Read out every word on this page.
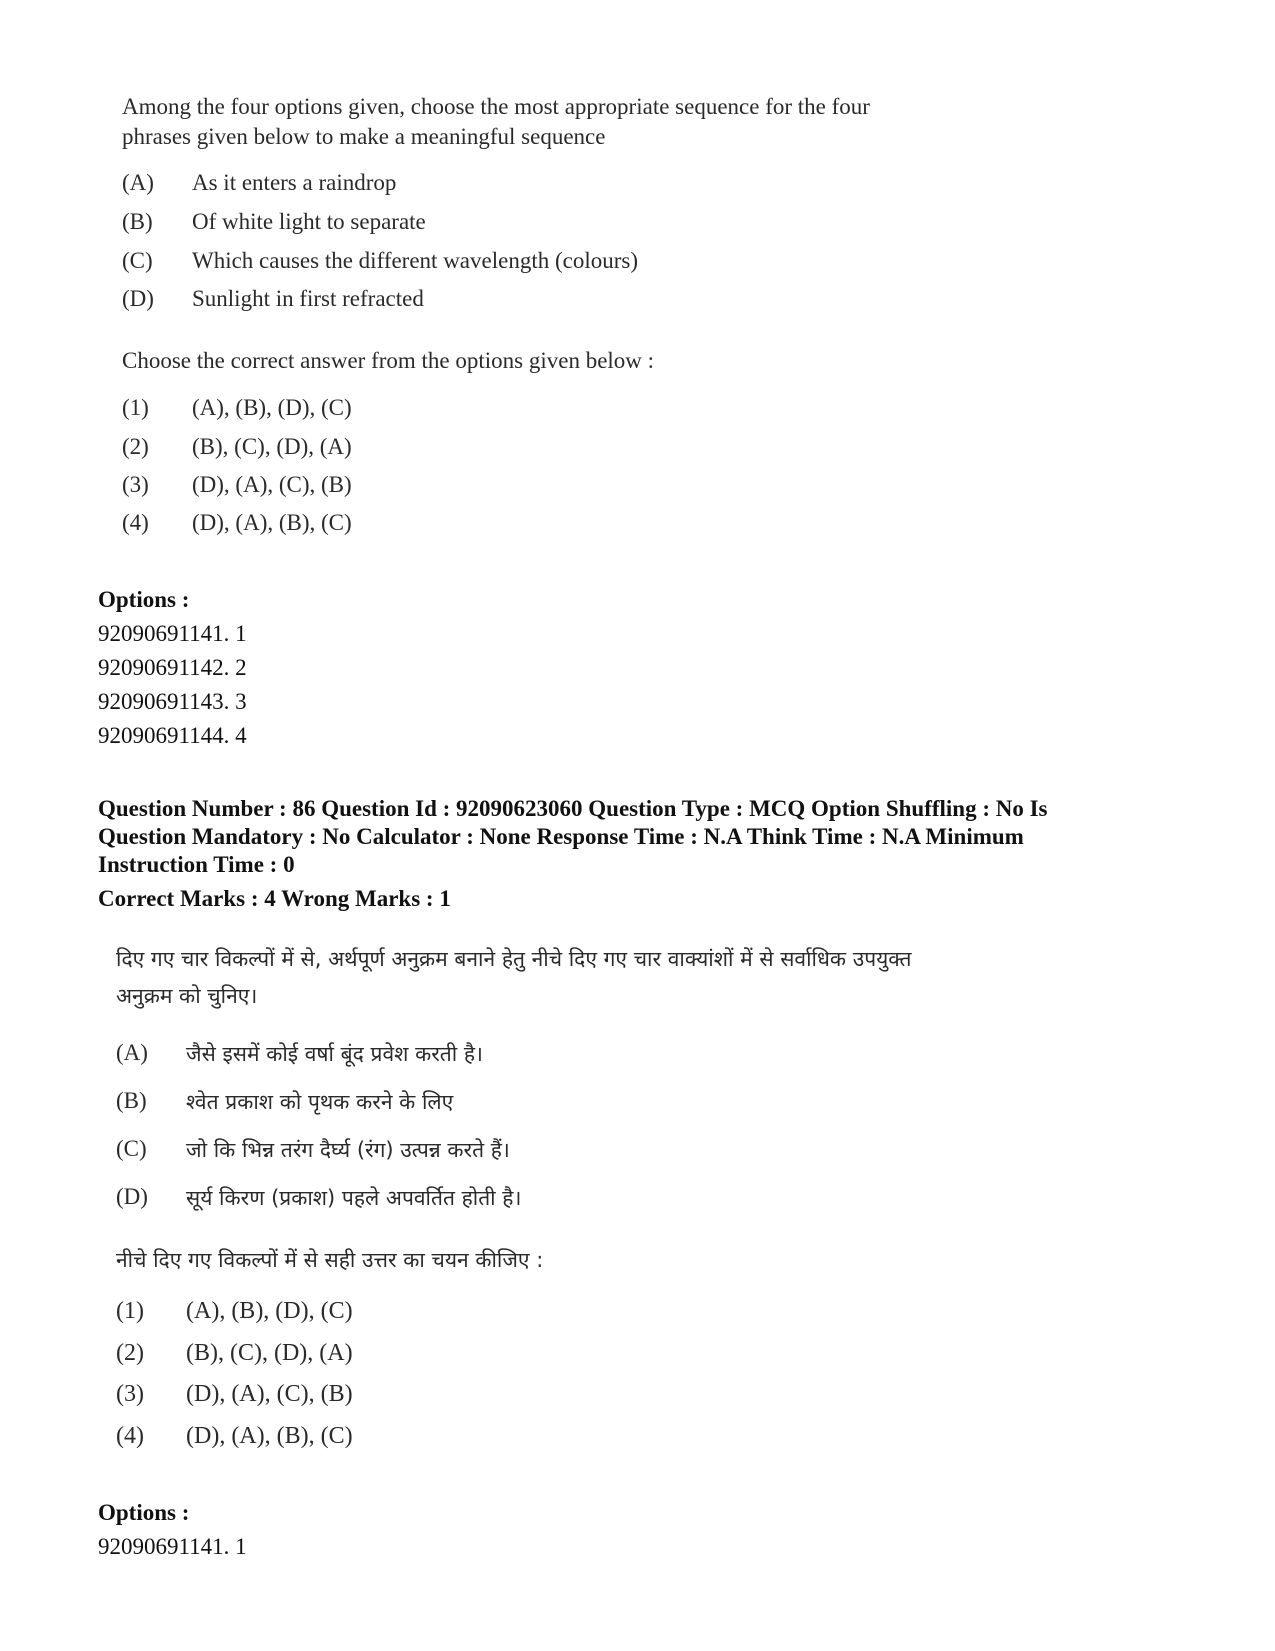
Among the four options given, choose the most appropriate sequence for the four
phrases given below to make a meaningful sequence
(A) As it enters a raindrop
(B) Of white light to separate
(C) Which causes the different wavelength (colours)
(D) Sunlight in first refracted
Choose the correct answer from the options given below :
(1) (A), (B), (D), (C)
(2) (B), (C), (D), (A)
(3) (D), (A), (C), (B)
(4) (D), (A), (B), (C)
Options :
92090691141. 1
92090691142. 2
92090691143. 3
92090691144. 4
Question Number : 86 Question Id : 92090623060 Question Type : MCQ Option Shuffling : No Is
Question Mandatory : No Calculator : None Response Time : N.A Think Time : N.A Minimum
Instruction Time : 0
Correct Marks : 4 Wrong Marks : 1
दिए गए चार विकल्पों में से, अर्थपूर्ण अनुक्रम बनाने हेतु नीचे दिए गए चार वाक्यांशों में से सर्वाधिक उपयुक्त
अनुक्रम को चुनिए।
(A) जैसे इसमें कोई वर्षा बूंद प्रवेश करती है।
(B) श्वेत प्रकाश को पृथक करने के लिए
(C) जो कि भिन्न तरंग दैर्घ्य (रंग) उत्पन्न करते हैं।
(D) सूर्य किरण (प्रकाश) पहले अपवर्तित होती है।
नीचे दिए गए विकल्पों में से सही उत्तर का चयन कीजिए :
(1) (A), (B), (D), (C)
(2) (B), (C), (D), (A)
(3) (D), (A), (C), (B)
(4) (D), (A), (B), (C)
Options :
92090691141. 1
